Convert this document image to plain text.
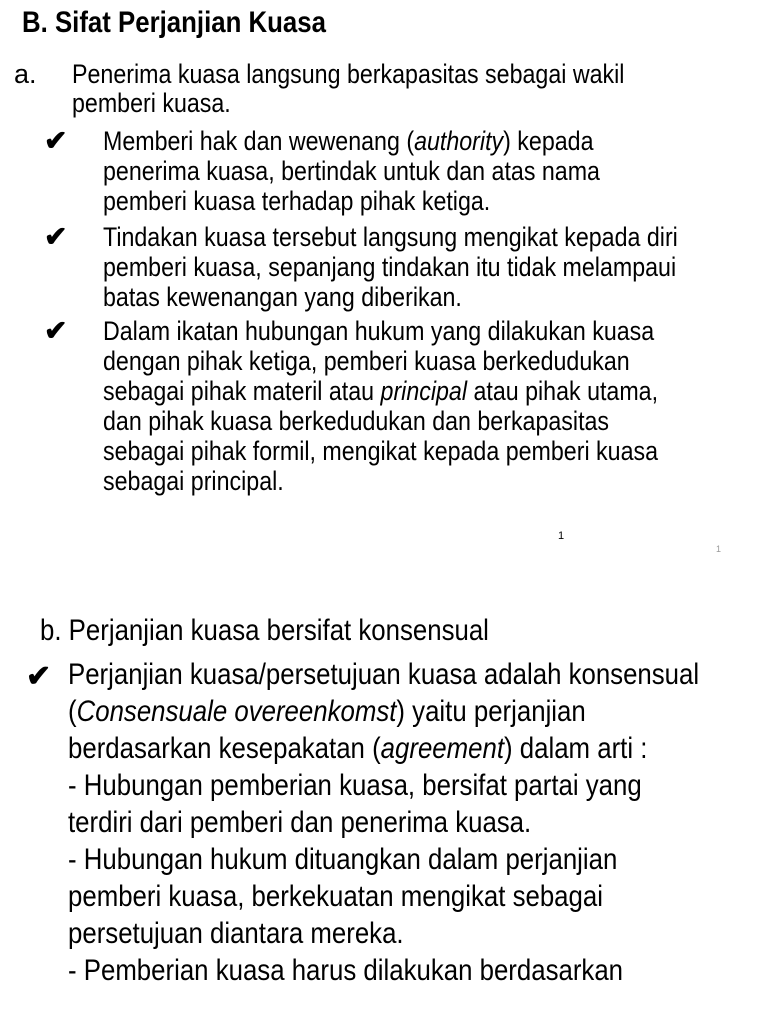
B. Sifat Perjanjian Kuasa
a. Penerima kuasa langsung berkapasitas sebagai wakil
pemberi kuasa.
✔ Memberi hak dan wewenang (authority) kepada
penerima kuasa, bertindak untuk dan atas nama
pemberi kuasa terhadap pihak ketiga.
✔ Tindakan kuasa tersebut langsung mengikat kepada diri
pemberi kuasa, sepanjang tindakan itu tidak melampaui
batas kewenangan yang diberikan.
✔ Dalam ikatan hubungan hukum yang dilakukan kuasa
dengan pihak ketiga, pemberi kuasa berkedudukan
sebagai pihak materil atau principal atau pihak utama,
dan pihak kuasa berkedudukan dan berkapasitas
sebagai pihak formil, mengikat kepada pemberi kuasa
sebagai principal.
1
1
b. Perjanjian kuasa bersifat konsensual
✔ Perjanjian kuasa/persetujuan kuasa adalah konsensual
(Consensuale overeenkomst) yaitu perjanjian
berdasarkan kesepakatan (agreement) dalam arti :
- Hubungan pemberian kuasa, bersifat partai yang
terdiri dari pemberi dan penerima kuasa.
- Hubungan hukum dituangkan dalam perjanjian
pemberi kuasa, berkekuatan mengikat sebagai
persetujuan diantara mereka.
- Pemberian kuasa harus dilakukan berdasarkan
